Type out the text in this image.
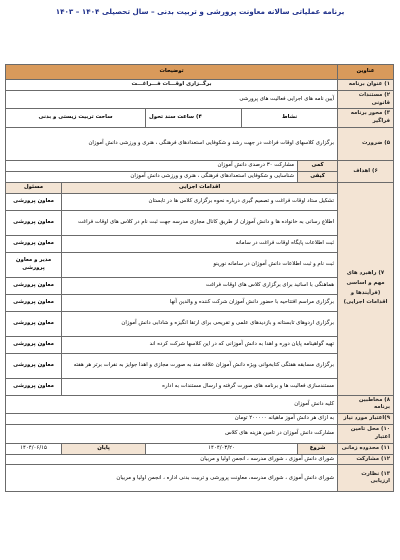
برنامه عملیاتی سالانه معاونت پرورشی و تربیت بدنی – سال تحصیلی ۱۴۰۴ – ۱۴۰۳
عناوین	توضیحات				
۱) عنوان برنامه	برگــزاری اوقـــات فـــراغـــت				
۲) مستندات قانونی	آیین نامه های اجرایی فعالیت های پرورشی				
۳) محور برنامه فراگیر	نشاط		۴) ساعت سند تحول	ساحت تربیت زیستی و بدنی	
۵) ضرورت	برگزاری کلاسهای اوقات فراغت در جهت رشد و شکوفایی استعدادهای فرهنگی ، هنری و ورزشی دانش آموزان				
۶) اهداف	کمی	مشارکت ۳۰ درصدی دانش آموزان			
	کیفی	شناسایی و شکوفایی استعدادهای فرهنگی ، هنری و ورزشی دانش آموزان			
۷) راهبرد های مهم و اساسی (فرآیندها و اقدامات اجرایی)	اقدامات اجرایی				مسئول
	تشکیل ستاد اوقات فراغت و تصمیم گیری درباره نحوه برگزاری کلاس ها در تابستان				معاون پرورشی
	اطلاع رسانی به خانواده ها و دانش آموزان از طریق کانال مجازی مدرسه جهت ثبت نام در کلاس های اوقات فراغت				معاون پرورشی
	ثبت اطلاعات پایگاه اوقات فراغت در سامانه				معاون پرورشی
	ثبت نام و ثبت اطلاعات دانش آموزان در سامانه نورینو				مدیر و معاون پرورشی
	هماهنگی با اساتید برای برگزاری کلاس های اوقات فراغت				معاون پرورشی
	برگزاری مراسم افتتاحیه با حضور دانش آموزان شرکت کننده و والدین آنها				معاون پرورشی
	برگزاری اردوهای تابستانه و بازدیدهای علمی و تفریحی برای ارتقا انگیزه و شادابی دانش آموزان				معاون پرورشی
	تهیه گواهینامه پایان دوره و اهدا به دانش آموزانی که در این کلاسها شرکت کرده اند				معاون پرورشی
	برگزاری مسابقه هفتگی کتابخوانی ویژه دانش آموزان علاقه مند به صورت مجازی و اهدا جوایز به نفرات برتر هر هفته				معاون پرورشی
	مستندسازی فعالیت ها و برنامه های صورت گرفته و ارسال مستندات به اداره				معاون پرورشی
۸) مخاطبین برنامه	کلیه دانش آموزان				
۹)اعتبار مورد نیاز	به ازای هر دانش آموز ماهیانه ۲۰۰۰۰۰ تومان				
۱۰) محل تامین اعتبار	مشارکت دانش آموزان در تامین هزینه های کلاس				
۱۱) محدوده زمانی	شروع	۱۴۰۴/۰۳/۲۰		پایان	۱۴۰۴/۰۶/۱۵
۱۲) مشارکت	شورای دانش آموزی ، شورای مدرسه ، انجمن اولیا و مربیان				
۱۳) نظارت ارزیابی	شورای دانش آموزی ، شورای مدرسه، معاونت پرورشی و تربیت بدنی اداره ، انجمن اولیا و مربیان				
